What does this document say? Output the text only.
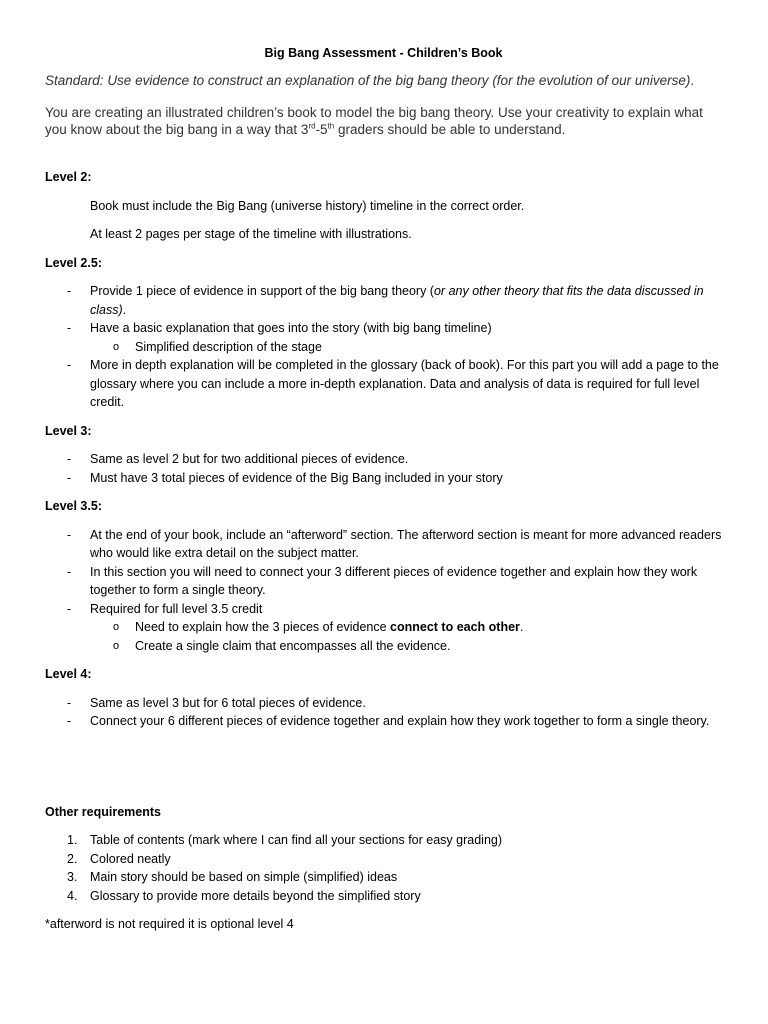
Big Bang Assessment - Children’s Book

Standard: Use evidence to construct an explanation of the big bang theory (for the evolution of our universe).

You are creating an illustrated children’s book to model the big bang theory. Use your creativity to explain what you know about the big bang in a way that 3rd-5th graders should be able to understand.

Level 2:

Book must include the Big Bang (universe history) timeline in the correct order.

At least 2 pages per stage of the timeline with illustrations.

Level 2.5:

- Provide 1 piece of evidence in support of the big bang theory (or any other theory that fits the data discussed in class).
- Have a basic explanation that goes into the story (with big bang timeline)
o Simplified description of the stage
- More in depth explanation will be completed in the glossary (back of book). For this part you will add a page to the glossary where you can include a more in-depth explanation. Data and analysis of data is required for full level credit.

Level 3:

- Same as level 2 but for two additional pieces of evidence.
- Must have 3 total pieces of evidence of the Big Bang included in your story

Level 3.5:

- At the end of your book, include an “afterword” section. The afterword section is meant for more advanced readers who would like extra detail on the subject matter.
- In this section you will need to connect your 3 different pieces of evidence together and explain how they work together to form a single theory.
- Required for full level 3.5 credit
o Need to explain how the 3 pieces of evidence connect to each other.
o Create a single claim that encompasses all the evidence.

Level 4:

- Same as level 3 but for 6 total pieces of evidence.
- Connect your 6 different pieces of evidence together and explain how they work together to form a single theory.

Other requirements

1. Table of contents (mark where I can find all your sections for easy grading)
2. Colored neatly
3. Main story should be based on simple (simplified) ideas
4. Glossary to provide more details beyond the simplified story

*afterword is not required it is optional level 4
